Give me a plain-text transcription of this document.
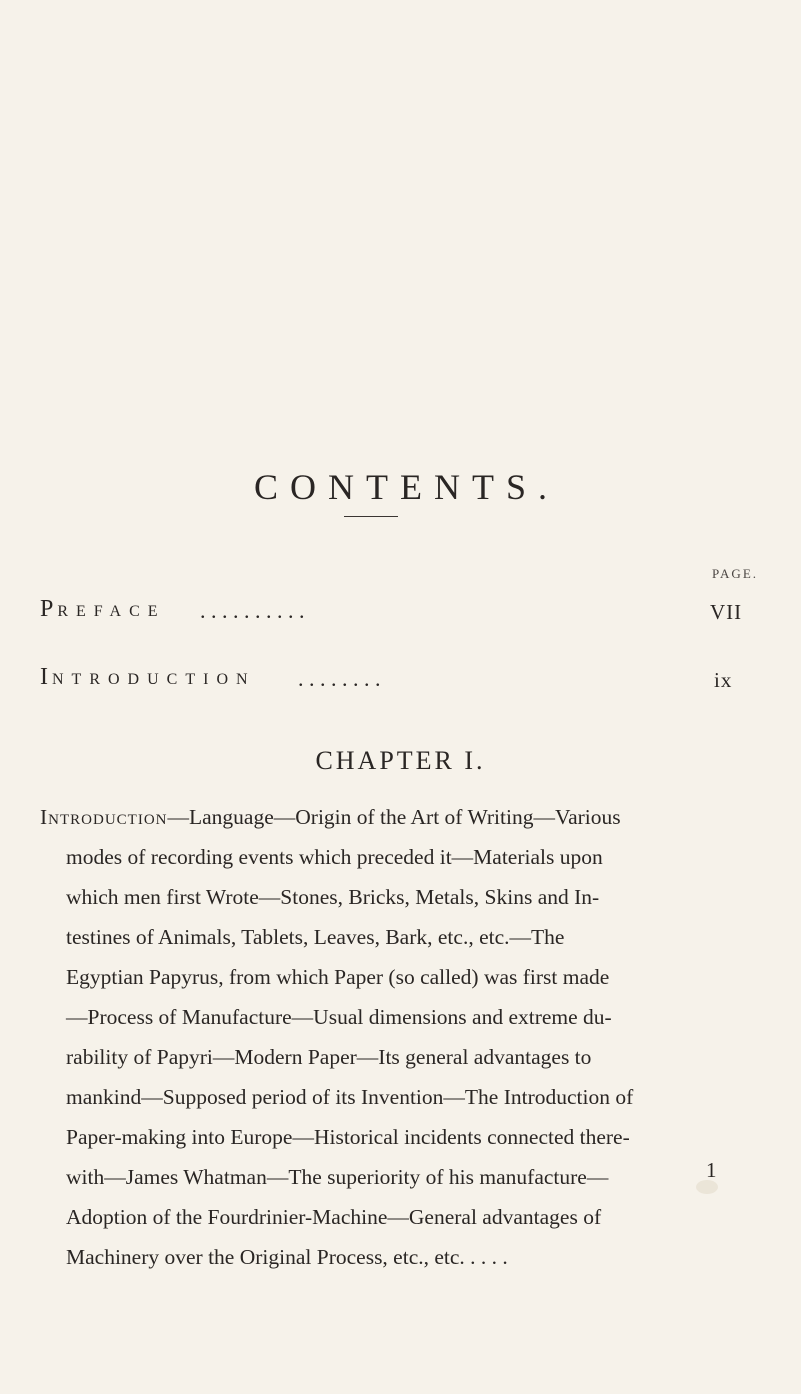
CONTENTS.
PAGE.
PREFACE . . . . . . . . . .	VII
INTRODUCTION . . . . . . . .	ix
CHAPTER I.
Introduction—Language—Origin of the Art of Writing—Various
modes of recording events which preceded it—Materials upon
which men first Wrote—Stones, Bricks, Metals, Skins and In-
testines of Animals, Tablets, Leaves, Bark, etc., etc.—The
Egyptian Papyrus, from which Paper (so called) was first made
—Process of Manufacture—Usual dimensions and extreme du-
rability of Papyri—Modern Paper—Its general advantages to
mankind—Supposed period of its Invention—The Introduction of
Paper-making into Europe—Historical incidents connected there-
with—James Whatman—The superiority of his manufacture—
Adoption of the Fourdrinier-Machine—General advantages of
Machinery over the Original Process, etc., etc. . . . .
1
